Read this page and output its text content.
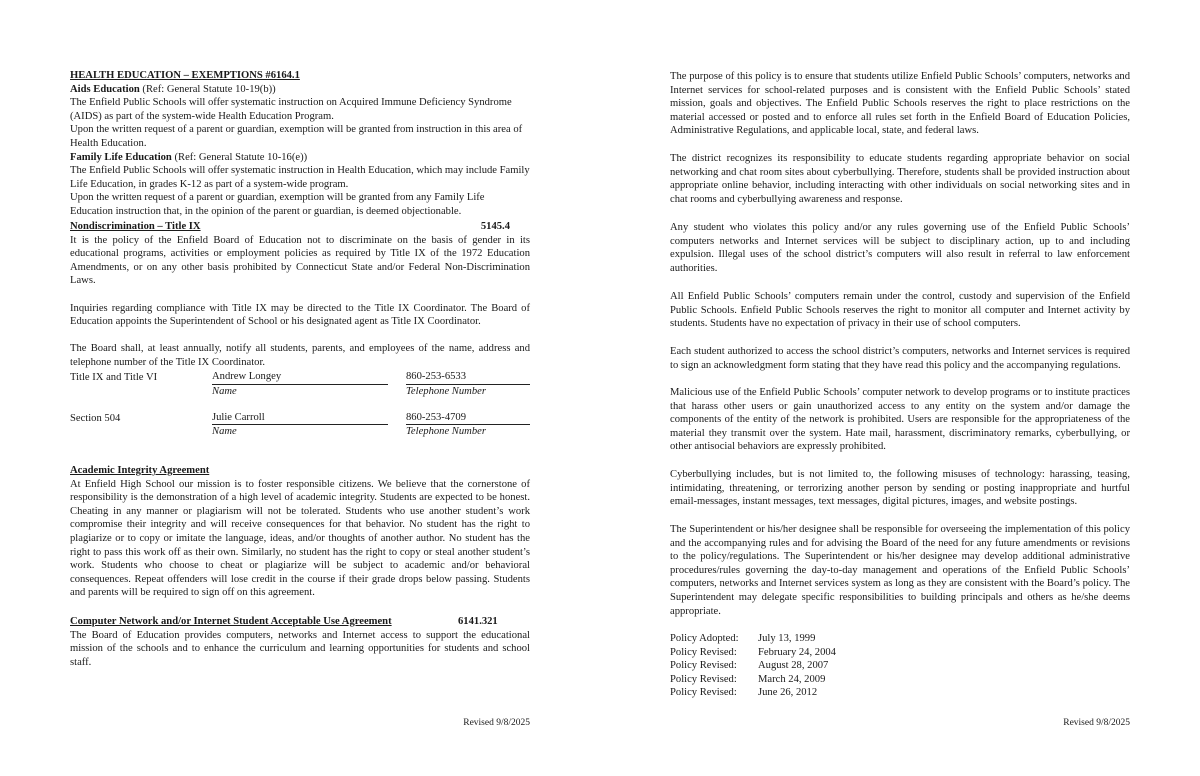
HEALTH EDUCATION – EXEMPTIONS #6164.1

Aids Education (Ref: General Statute 10-19(b))

The Enfield Public Schools will offer systematic instruction on Acquired Immune Deficiency Syndrome (AIDS) as part of the system-wide Health Education Program.

Upon the written request of a parent or guardian, exemption will be granted from instruction in this area of Health Education.

Family Life Education (Ref: General Statute 10-16(e))

The Enfield Public Schools will offer systematic instruction in Health Education, which may include Family Life Education, in grades K-12 as part of a system-wide program.

Upon the written request of a parent or guardian, exemption will be granted from any Family Life Education instruction that, in the opinion of the parent or guardian, is deemed objectionable.

Nondiscrimination – Title IX	5145.4

It is the policy of the Enfield Board of Education not to discriminate on the basis of gender in its educational programs, activities or employment policies as required by Title IX of the 1972 Education Amendments, or on any other basis prohibited by Connecticut State and/or Federal Non-Discrimination Laws.

Inquiries regarding compliance with Title IX may be directed to the Title IX Coordinator. The Board of Education appoints the Superintendent of School or his designated agent as Title IX Coordinator.

The Board shall, at least annually, notify all students, parents, and employees of the name, address and telephone number of the Title IX Coordinator.

Title IX and Title VI	Andrew Longey	860-253-6533
Name	Telephone Number
Section 504	Julie Carroll	860-253-4709
Name	Telephone Number

Academic Integrity Agreement

At Enfield High School our mission is to foster responsible citizens. We believe that the cornerstone of responsibility is the demonstration of a high level of academic integrity. Students are expected to be honest. Cheating in any manner or plagiarism will not be tolerated. Students who use another student’s work compromise their integrity and will receive consequences for that behavior. No student has the right to plagiarize or to copy or imitate the language, ideas, and/or thoughts of another author. No student has the right to pass this work off as their own. Similarly, no student has the right to copy or steal another student’s work. Students who choose to cheat or plagiarize will be subject to academic and/or behavioral consequences. Repeat offenders will lose credit in the course if their grade drops below passing. Students and parents will be required to sign off on this agreement.

Computer Network and/or Internet Student Acceptable Use Agreement	6141.321

The Board of Education provides computers, networks and Internet access to support the educational mission of the schools and to enhance the curriculum and learning opportunities for students and school staff.

Revised 9/8/2025

The purpose of this policy is to ensure that students utilize Enfield Public Schools’ computers, networks and Internet services for school-related purposes and is consistent with the Enfield Public Schools’ stated mission, goals and objectives. The Enfield Public Schools reserves the right to place restrictions on the material accessed or posted and to enforce all rules set forth in the Enfield Board of Education Policies, Administrative Regulations, and applicable local, state, and federal laws.

The district recognizes its responsibility to educate students regarding appropriate behavior on social networking and chat room sites about cyberbullying. Therefore, students shall be provided instruction about appropriate online behavior, including interacting with other individuals on social networking sites and in chat rooms and cyberbullying awareness and response.

Any student who violates this policy and/or any rules governing use of the Enfield Public Schools’ computers networks and Internet services will be subject to disciplinary action, up to and including expulsion. Illegal uses of the school district’s computers will also result in referral to law enforcement authorities.

All Enfield Public Schools’ computers remain under the control, custody and supervision of the Enfield Public Schools. Enfield Public Schools reserves the right to monitor all computer and Internet activity by students. Students have no expectation of privacy in their use of school computers.

Each student authorized to access the school district’s computers, networks and Internet services is required to sign an acknowledgment form stating that they have read this policy and the accompanying regulations.

Malicious use of the Enfield Public Schools’ computer network to develop programs or to institute practices that harass other users or gain unauthorized access to any entity on the system and/or damage the components of the entity of the network is prohibited. Users are responsible for the appropriateness of the material they transmit over the system. Hate mail, harassment, discriminatory remarks, cyberbullying, or other antisocial behaviors are expressly prohibited.

Cyberbullying includes, but is not limited to, the following misuses of technology: harassing, teasing, intimidating, threatening, or terrorizing another person by sending or posting inappropriate and hurtful email-messages, instant messages, text messages, digital pictures, images, and website postings.

The Superintendent or his/her designee shall be responsible for overseeing the implementation of this policy and the accompanying rules and for advising the Board of the need for any future amendments or revisions to the policy/regulations. The Superintendent or his/her designee may develop additional administrative procedures/rules governing the day-to-day management and operations of the Enfield Public Schools’ computers, networks and Internet services system as long as they are consistent with the Board’s policy. The Superintendent may delegate specific responsibilities to building principals and others as he/she deems appropriate.

Policy Adopted:	July 13, 1999
Policy Revised:	February 24, 2004
Policy Revised:	August 28, 2007
Policy Revised:	March 24, 2009
Policy Revised:	June 26, 2012
Revised 9/8/2025
